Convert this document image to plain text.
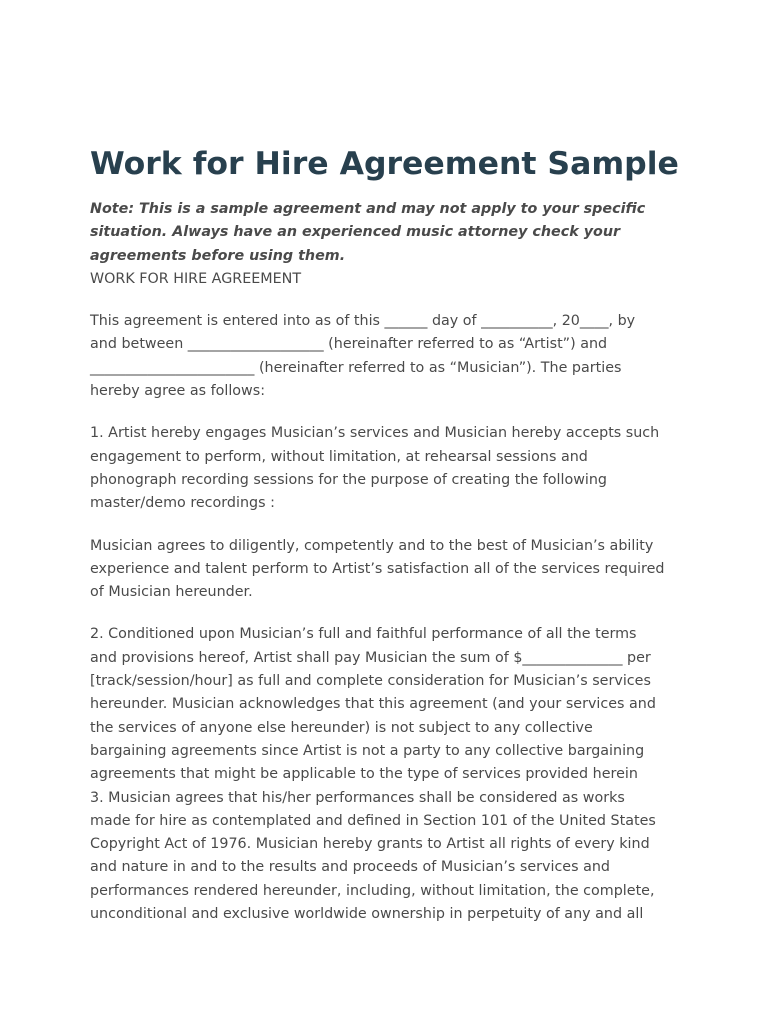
Work for Hire Agreement Sample

Note: This is a sample agreement and may not apply to your specific
situation. Always have an experienced music attorney check your
agreements before using them.

WORK FOR HIRE AGREEMENT

This agreement is entered into as of this ______ day of __________, 20____, by
and between ___________________ (hereinafter referred to as “Artist”) and
_______________________ (hereinafter referred to as “Musician”). The parties
hereby agree as follows:

1. Artist hereby engages Musician’s services and Musician hereby accepts such
engagement to perform, without limitation, at rehearsal sessions and
phonograph recording sessions for the purpose of creating the following
master/demo recordings :

Musician agrees to diligently, competently and to the best of Musician’s ability
experience and talent perform to Artist’s satisfaction all of the services required
of Musician hereunder.

2. Conditioned upon Musician’s full and faithful performance of all the terms
and provisions hereof, Artist shall pay Musician the sum of $______________ per
[track/session/hour] as full and complete consideration for Musician’s services
hereunder. Musician acknowledges that this agreement (and your services and
the services of anyone else hereunder) is not subject to any collective
bargaining agreements since Artist is not a party to any collective bargaining
agreements that might be applicable to the type of services provided herein

3. Musician agrees that his/her performances shall be considered as works
made for hire as contemplated and defined in Section 101 of the United States
Copyright Act of 1976. Musician hereby grants to Artist all rights of every kind
and nature in and to the results and proceeds of Musician’s services and
performances rendered hereunder, including, without limitation, the complete,
unconditional and exclusive worldwide ownership in perpetuity of any and all
